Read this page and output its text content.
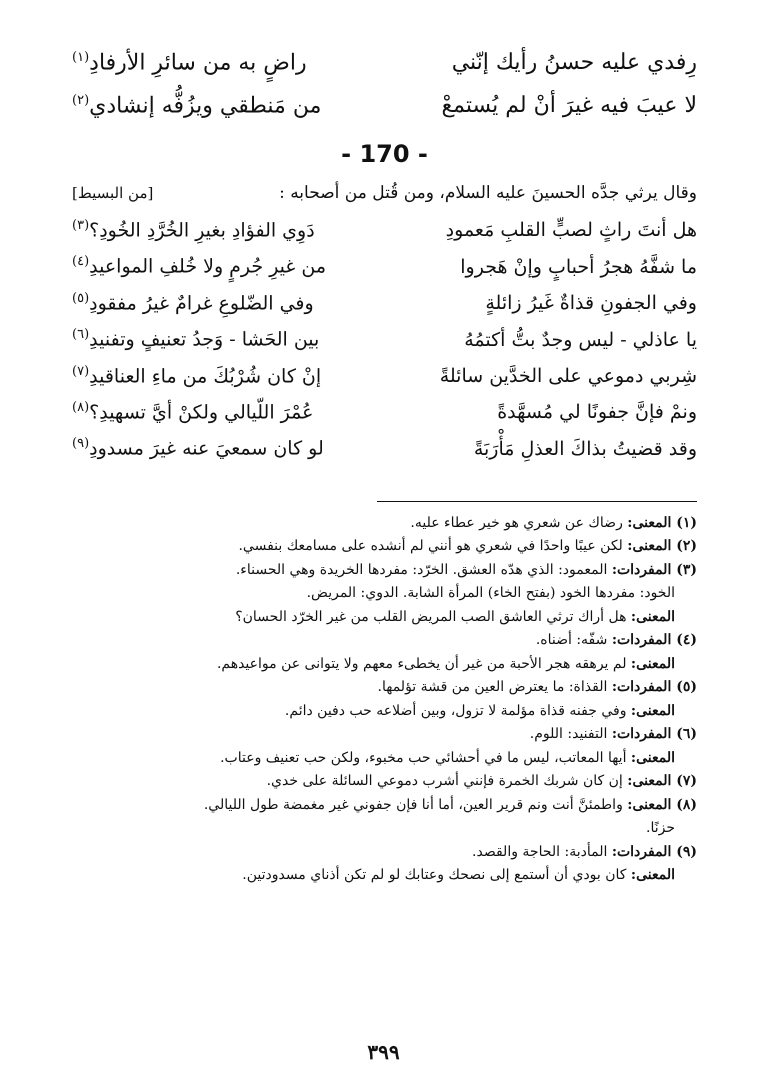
رِفدي عليه حسنُ رأيك إنّني
راضٍ به من سائرِ الأرفادِ$^{(١)}$
لا عيبَ فيه غيرَ أنْ لم يُستمعْ
من مَنطقي ويزُفُّه إنشادي$^{(٢)}$
- 170 -
وقال يرثي جدَّه الحسينَ عليه السلام، ومن قُتل من أصحابه :
[من البسيط]
هل أنتَ راثٍ لصبٍّ القلبِ مَعمودِ
دَوِي الفؤادِ بغيرِ الخُرَّدِ الخُودِ؟$^{(٣)}$
ما شفَّهُ هجرُ أحبابٍ وإنْ هَجروا
من غيرِ جُرمٍ ولا خُلفِ المواعيدِ$^{(٤)}$
وفي الجفونِ قذاةٌ غَيرُ زائلةٍ
وفي الضّلوعِ غرامٌ غيرُ مفقودِ$^{(٥)}$
يا عاذلي - ليس وجدٌ بتُّ أكتمُهُ
بين الحَشا - وَجدُ تعنيفٍ وتفنيدِ$^{(٦)}$
شِربي دموعي على الخدَّين سائلةً
إنْ كان شُرْبُكَ من ماءِ العناقيدِ$^{(٧)}$
ونمْ فإنَّ جفونًا لي مُسهَّدةً
عُمْرَ اللّيالي ولكنْ أيَّ تسهيدِ؟$^{(٨)}$
وقد قضيتُ بذاكَ العذلِ مَأْرَبَةً
لو كان سمعيَ عنه غيرَ مسدودِ$^{(٩)}$
(١) المعنى: رضاك عن شعري هو خير عطاء عليه.
(٢) المعنى: لكن عيبًا واحدًا في شعري هو أنني لم أنشده على مسامعك بنفسي.
(٣) المفردات: المعمود: الذي هدّه العشق. الخرّد: مفردها الخريدة وهي الحسناء.
الخود: مفردها الخود (بفتح الخاء) المرأة الشابة. الدوي: المريض.
المعنى: هل أراك ترثي العاشق الصب المريض القلب من غير الخرّد الحسان؟
(٤) المفردات: شفّه: أضناه.
المعنى: لم يرهقه هجر الأحبة من غير أن يخطىء معهم ولا يتوانى عن مواعيدهم.
(٥) المفردات: القذاة: ما يعترض العين من قشة تؤلمها.
المعنى: وفي جفنه قذاة مؤلمة لا تزول، وبين أضلاعه حب دفين دائم.
(٦) المفردات: التفنيد: اللوم.
المعنى: أيها المعاتب، ليس ما في أحشائي حب مخبوء، ولكن حب تعنيف وعتاب.
(٧) المعنى: إن كان شربك الخمرة فإنني أشرب دموعي السائلة على خدي.
(٨) المعنى: واطمئنَّ أنت ونم قرير العين، أما أنا فإن جفوني غير مغمضة طول الليالي.
حزنًا.
(٩) المفردات: المأدبة: الحاجة والقصد.
المعنى: كان بودي أن أستمع إلى نصحك وعتابك لو لم تكن أذناي مسدودتين.
٣٩٩
